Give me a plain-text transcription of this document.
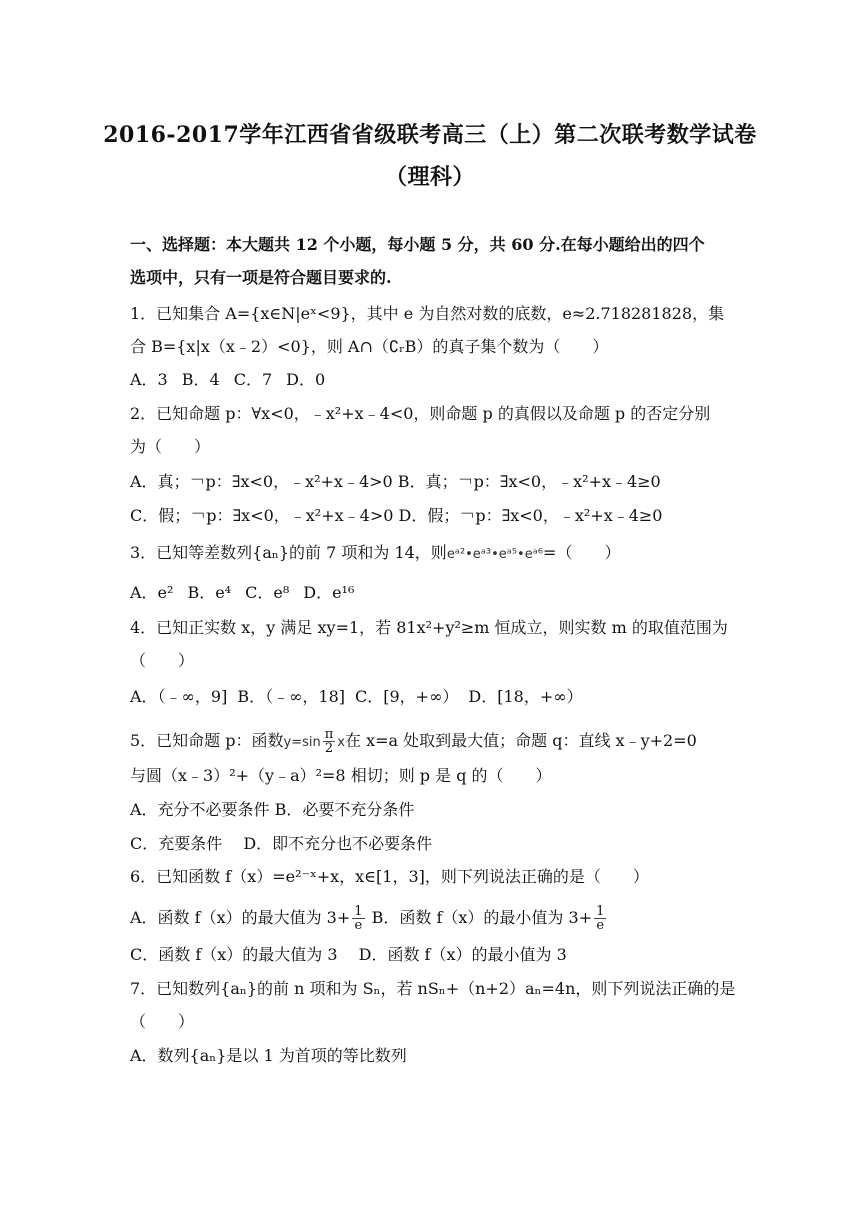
2016-2017学年江西省省级联考高三（上）第二次联考数学试卷
（理科）
一、选择题：本大题共 12 个小题，每小题 5 分，共 60 分.在每小题给出的四个
选项中，只有一项是符合题目要求的.
1．已知集合 A={x∈N|eˣ<9}，其中 e 为自然对数的底数，e≈2.718281828，集
合 B={x|x（x﹣2）<0}，则 A∩（∁ᵣB）的真子集个数为（　　）
A．3 B．4 C．7 D．0
2．已知命题 p：∀x<0，﹣x²+x﹣4<0，则命题 p 的真假以及命题 p 的否定分别
为（　　）
A．真；￢p：∃x<0，﹣x²+x﹣4>0 B．真；￢p：∃x<0，﹣x²+x﹣4≥0
C．假；￢p：∃x<0，﹣x²+x﹣4>0 D．假；￢p：∃x<0，﹣x²+x﹣4≥0
3．已知等差数列{aₙ}的前 7 项和为 14，则eᵃ²•eᵃ³•eᵃ⁵•eᵃ⁶=（　　）
A．e² B．e⁴ C．e⁸ D．e¹⁶
4．已知正实数 x，y 满足 xy=1，若 81x²+y²≥m 恒成立，则实数 m 的取值范围为
（　　）
A．（﹣∞，9] B．（﹣∞，18] C．[9，+∞） D．[18，+∞）
5．已知命题 p：函数$y=\sin \frac{\pi}{2}$ x在 x=a 处取到最大值；命题 q：直线 x﹣y+2=0
与圆（x﹣3）²+（y﹣a）²=8 相切；则 p 是 q 的（　　）
A．充分不必要条件 B．必要不充分条件
C．充要条件　 D．即不充分也不必要条件
6．已知函数 f（x）=e²⁻ˣ+x，x∈[1，3]，则下列说法正确的是（　　）
A．函数 f（x）的最大值为 $3+ \frac{1}{e}$ B．函数 f（x）的最小值为 $3+ \frac{1}{e}$
C．函数 f（x）的最大值为 3　 D．函数 f（x）的最小值为 3
7．已知数列{aₙ}的前 n 项和为 Sₙ，若 nSₙ+（n+2）aₙ=4n，则下列说法正确的是
（　　）
A．数列{aₙ}是以 1 为首项的等比数列
